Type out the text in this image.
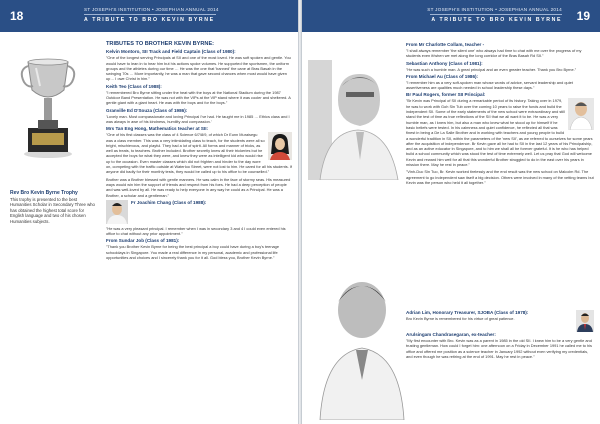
18	ST JOSEPH'S INSTITUTION • JOSEPHIAN ANNUAL 2014
A TRIBUTE TO BRO KEVIN BYRNE
Rev Bro Kevin Byrne Trophy
This trophy is presented to the best Humanities Scholar in Secondary Three who has obtained the highest total score for English language and two of his chosen Humanities subjects.
TRIBUTES TO BROTHER KEVIN BYRNE:
Kelvin Montoro, SII Track and Field Captain (Class of 1980):

"One of the longest serving Principals at SII and one of the most loved. He was soft spoken and gentle. You would have to lean in to hear him but his actions spoke volumes. He supported the sportsmen, the uniform groups and the athletes during our time … He was the one that 'banned' the cane at Bras Basah in the swinging 70s … More importantly, he was a man that gave second chances when most would have given up… I owe Christ in him."

Keith Teo (Class of 1988):

"I remembered Bro Byrne sitting under the heat with the boys at the National Stadium during the 1987 Outdoor Band Presentation. He was not with the VIPs at the VIP stand where it was cooler and sheltered. A gentle giant with a giant heart. He was with the boys and for the boys."

Granville Ed D'Souza (Class of 1986):

'Lovely man. Most compassionate and loving Principal I've had. He taught me in 1985 … Ethics class and I was always in awe of his kindness, humility and compassion.'

Mrs Tan Eng Hong, Mathematics teacher at SII:

"One of his first classes was the class of 4 Science 6/7/8/9, of which Dr Eunn Muraisegu was a class member. This was a very intimidating class to teach, for the students were all so bright, mischievous, and playful. They had a lot of spirit. All forms and manner of tricks, as well as treats, to teachers. Brother included. Brother secretly knew all their trickeries but he accepted the boys for what they were, and knew they were as intelligent kid who would rise up to the occasion. Even master classes which did not frighten and hinder to the day wore on, competing with the traffic outside at Waterloo Street, were not lost to him. He cared for all his students. If anyone did badly for their monthly tests, they would be called up to his office to be counselled."

Brother was a Brother blessed with gentle manners. He was calm in the face of stormy seas. His measured ways would win him the support of friends and respect from his foes. He had a deep perception of people and was well-loved by all. He was ready to help everyone in any way he could as a Principal. He was a Brother, a scholar and a gentleman."

Fr Joachim Chang (Class of 1988):

"He was a very pleasant principal. I remember when I was in secondary 3 and 4 I could even entered his office to chat without any prior appointment."

From Sundar Job (Class of 1981):

"Thank you Brother Kevin Byrne for being the best principal a boy could have during a boy's teenage schooldays in Singapore. You made a real difference in my personal, academic and professional life opportunities and choices and I sincerely thank you for it all. God bless you, Brother Kevin Byrne."

ST JOSEPH'S INSTITUTION • JOSEPHIAN ANNUAL 2014
A TRIBUTE TO BRO KEVIN BYRNE 19
From Mr Charlotte Collam, teacher -

"I shall always remember 'the silent one' who always had time to chat with me over the progress of my students even if/when we met along the long corridor of the Bras Basah Rd SII."

Sebastian Anthony (Class of 1981):

"He was such a humble man. A great principal and an even greater teacher. Thank you Bro Byrne."

From Michael Au (Class of 1986):

"I remember him as a very soft-spoken man whose words of advice, servant leadership and quiet assertiveness are qualities much needed in school leadership these days."

Br Paul Rogers, former SII Principal:

"Br Kevin was Principal of SII during a remarkable period of its history. Taking over in 1979, he was to work with Goh Sin Tub over the coming 10 years to raise the funds and build the independent SII. Some of the early statements of the new school were extraordinary and still stand the test of time as true reflections of the SII that we all want it to be. He was a very humble man, as I knew him, but also a man who knew what he stood up for himself if he basic beliefs were tested. In his calmness and quiet confidence, he reflected all that was finest in being a De La Salle Brother and in working with teachers and young people to build a wonderful tradition in SII, within the parameters of the 'new SII', as we referred to ourselves for some years after the acquisition of independence. Br Kevin gave all he had to SII in the last 12 years of his Principalship, and as an active educator in Singapore, and to him we shall all be forever grateful. It is he who has helped build a school community which was stood the test of time extremely well. Let us pray that God will welcome Kevin and reward him well for all that this wonderful Brother struggled to do in the east over his years in mission there. May he rest in peace."

"Vinh-Duc Sin Tuo, Br. Kevin worked tirelessly and the end result was the new school on Malcolm Rd. The agreement to go independent saw itself a big decision. Others were involved in many of the vetting teams but Kevin was the person who held it all together."

Adrian Lim, Honorary Treasurer, SJOBA (Class of 1978):

Bro Kevin Byrne is remembered for his virtue of great patience.

Arulsingam Chandrasegaran, ex-teacher:

"My first encounter with Bro. Kevin was as a parent in 1985 in the old SII. I knew him to be a very gentle and trusting gentleman. How could I forget him: one afternoon on a Friday in December 1991 he called me to his office and offered me position as a science teacher in January 1992 without even verifying my credentials, and even though he was retiring at the end of 1991. May he rest in peace."
